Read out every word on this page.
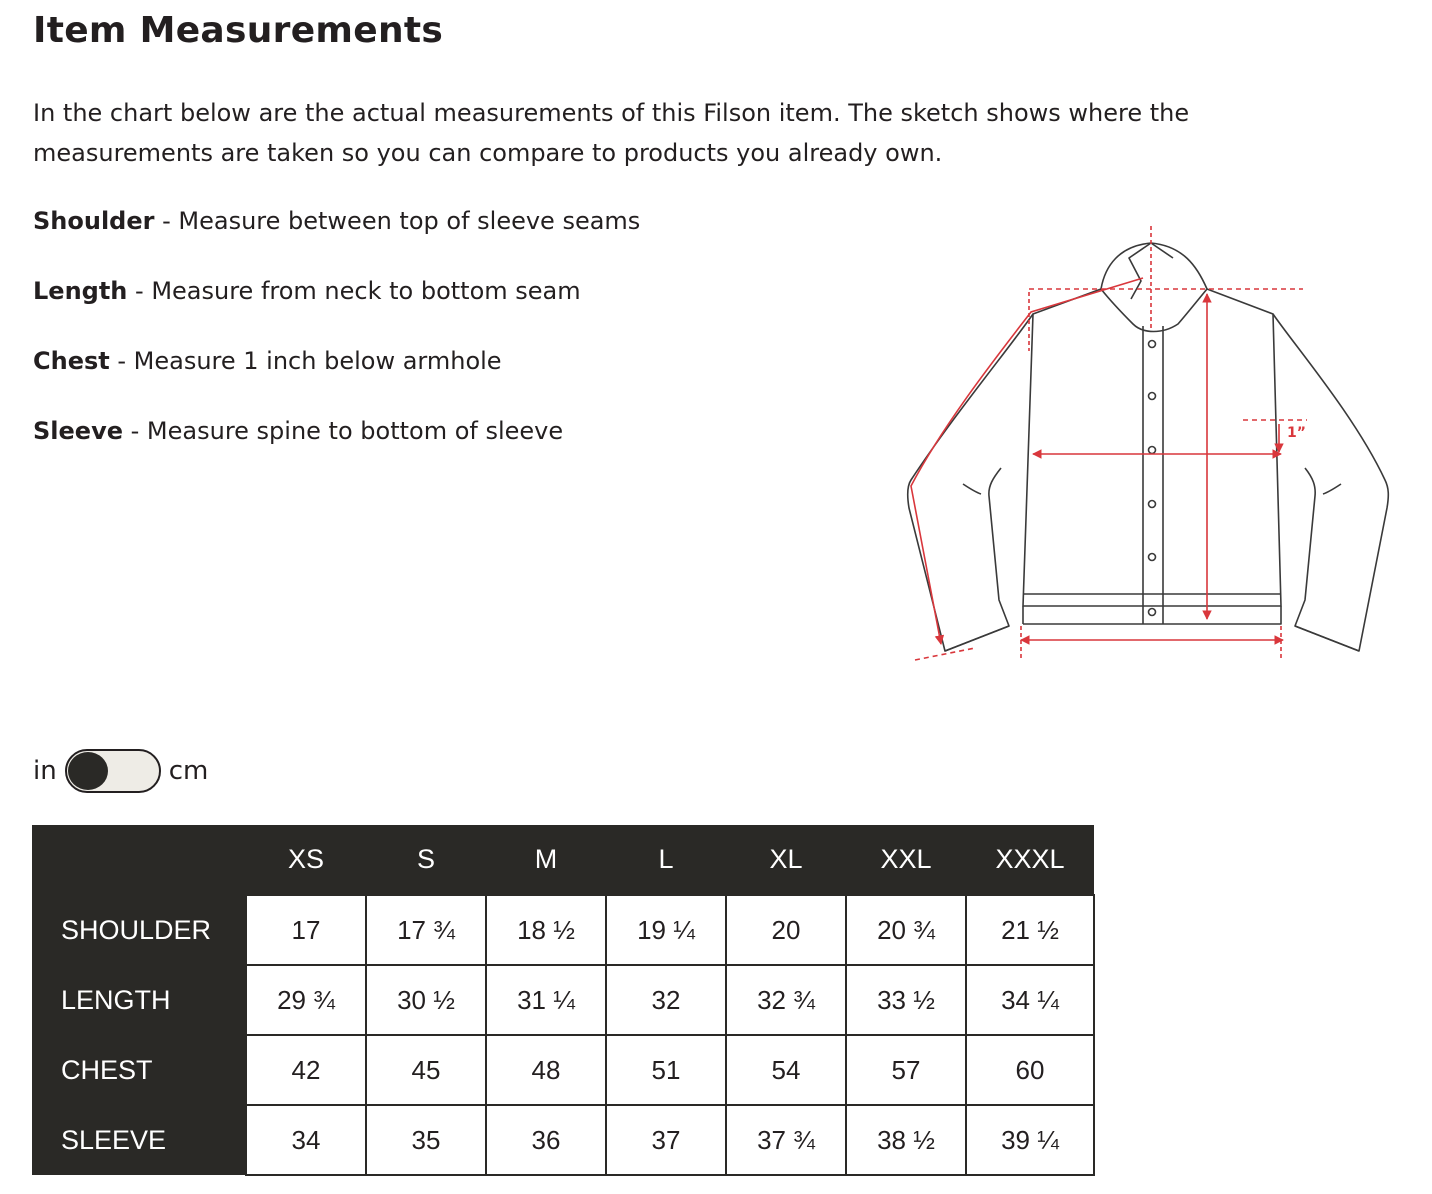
Item Measurements

In the chart below are the actual measurements of this Filson item. The sketch shows where the measurements are taken so you can compare to products you already own.

Shoulder - Measure between top of sleeve seams
Length - Measure from neck to bottom seam
Chest - Measure 1 inch below armhole
Sleeve - Measure spine to bottom of sleeve	1”
in	cm
	XS	S	M	L	XL	XXL	XXXL
SHOULDER	17	17 ¾	18 ½	19 ¼	20	20 ¾	21 ½
LENGTH	29 ¾	30 ½	31 ¼	32	32 ¾	33 ½	34 ¼
CHEST	42	45	48	51	54	57	60
SLEEVE	34	35	36	37	37 ¾	38 ½	39 ¼
